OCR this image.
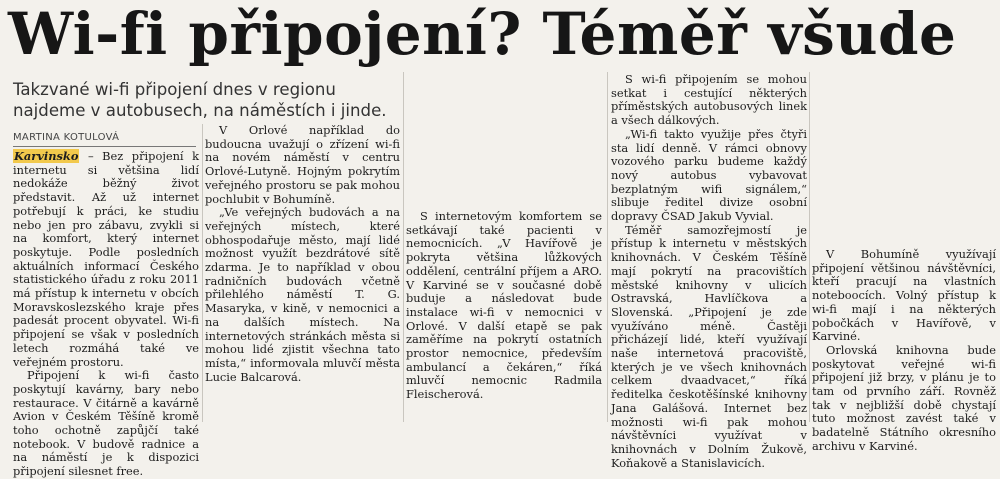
Wi-fi připojení? Téměř všude
Takzvané wi-fi připojení dnes v regionu
najdeme v autobusech, na náměstích i jinde.
MARTINA KOTULOVÁ

Karvinsko – Bez připojení k internetu si většina lidí nedokáže běžný život představit. Až už internet potřebují k práci, ke studiu nebo jen pro zábavu, zvykli si na komfort, který internet poskytuje. Podle posledních aktuálních informací Českého statistického úřadu z roku 2011 má přístup k internetu v obcích Moravskoslezského kraje přes padesát procent obyvatel. Wi-fi připojení se však v posledních letech rozmáhá také ve veřejném prostoru.

Připojení k wi-fi často poskytují kavárny, bary nebo restaurace. V čitárně a kavárně Avion v Českém Těšíně kromě toho ochotně zapůjčí také notebook. V budově radnice a na náměstí je k dispozici připojení silesnet free.

V Orlové například do budoucna uvažují o zřízení wi-fi na novém náměstí v centru Orlové-Lutyně. Hojným pokrytím veřejného prostoru se pak mohou pochlubit v Bohumíně.

„Ve veřejných budovách a na veřejných místech, které obhospodařuje město, mají lidé možnost využít bezdrátové sítě zdarma. Je to například v obou radničních budovách včetně přilehlého náměstí T. G. Masaryka, v kině, v nemocnici a na dalších místech. Na internetových stránkách města si mohou lidé zjistit všechna tato místa,“ informovala mluvčí města Lucie Balcarová.

S internetovým komfortem se setkávají také pacienti v nemocnicích. „V Havířově je pokryta většina lůžkových oddělení, centrální příjem a ARO. V Karviné se v současné době buduje a následovat bude instalace wi-fi v nemocnici v Orlové. V další etapě se pak zaměříme na pokrytí ostatních prostor nemocnice, především ambulancí a čekáren,“ říká mluvčí nemocnic Radmila Fleischerová.

S wi-fi připojením se mohou setkat i cestující některých příměstských autobusových linek a všech dálkových.

„Wi-fi takto využije přes čtyři sta lidí denně. V rámci obnovy vozového parku budeme každý nový autobus vybavovat bezplatným wifi signálem,“ slibuje ředitel divize osobní dopravy ČSAD Jakub Vyvial.

Téměř samozřejmostí je přístup k internetu v městských knihovnách. V Českém Těšíně mají pokrytí na pracovištích městské knihovny v ulicích Ostravská, Havlíčkova a Slovenská. „Připojení je zde využíváno méně. Častěji přicházejí lidé, kteří využívají naše internetová pracoviště, kterých je ve všech knihovnách celkem dvaadvacet,“ říká ředitelka českotěšínské knihovny Jana Galášová. Internet bez možnosti wi-fi pak mohou návštěvníci využívat v knihovnách v Dolním Žukově, Koňakově a Stanislavicích.

V Bohumíně využívají připojení většinou návštěvníci, kteří pracují na vlastních noteboocích. Volný přístup k wi-fi mají i na některých pobočkách v Havířově, v Karviné.

Orlovská knihovna bude poskytovat veřejné wi-fi připojení již brzy, v plánu je to tam od prvního září. Rovněž tak v nejbližší době chystají tuto možnost zavést také v badatelně Státního okresního archivu v Karviné.
